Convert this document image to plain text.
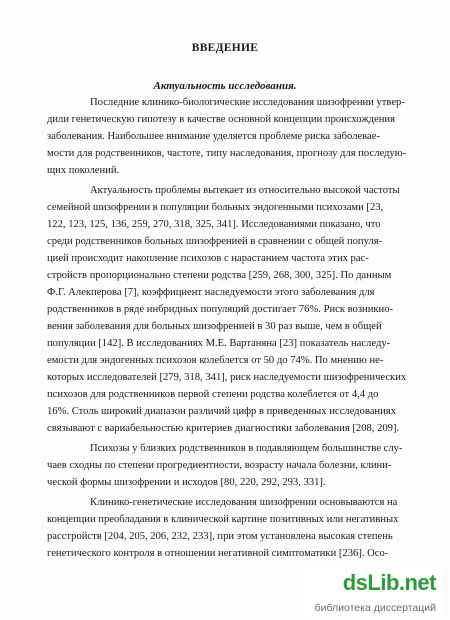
ВВЕДЕНИЕ
Актуальность исследования.
Последние клинико-биологические исследования шизофрении утвер-
дили генетическую гипотезу в качестве основной концепции происхождения
заболевания. Наибольшее внимание уделяется проблеме риска заболевае-
мости для родственников, частоте, типу наследования, прогнозу для последую-
щих поколений.
Актуальность проблемы вытекает из относительно высокой частоты
семейной шизофрении в популяции больных эндогенными психозами [23,
122, 123, 125, 136, 259, 270, 318, 325, 341]. Исследованиями показано, что
среди родственников больных шизофренией в сравнении с общей популя-
цией происходит накопление психозов с нарастанием частота этих рас-
стройств пропорционально степени родства [259, 268, 300, 325]. По данным
Ф.Г. Алекперова [7], коэффициент наследуемости этого заболевания для
родственников в ряде инбридных популяций достигает 76%. Риск возникно-
вения заболевания для больных шизофренией в 30 раз выше, чем в общей
популяции [142]. В исследованиях М.Е. Вартаняна [23] показатель наследу-
емости для эндогенных психозов колеблется от 50 до 74%. По мнению не-
которых исследователей [279, 318, 341], риск наследуемости шизофренических
психозов для родственников первой степени родства колеблется от 4,4 до
16%. Столь широкий диапазон различий цифр в приведенных исследованиях
связывают с вариабельностью критериев диагностики заболевания [208, 209].
Психозы у близких родственников в подавляющем большинстве слу-
чаев сходны по степени прогредиентности, возрасту начала болезни, клини-
ческой формы шизофрении и исходов [80, 220, 292, 293, 331].
Клинико-генетические исследования шизофрении основываются на
концепции преобладания в клинической картине позитивных или негативных
расстройств [204, 205, 206, 232, 233], при этом установлена высокая степень
генетического контроля в отношении негативной симптоматики [236]. Осо-
dsLib.net
библиотека диссертаций
